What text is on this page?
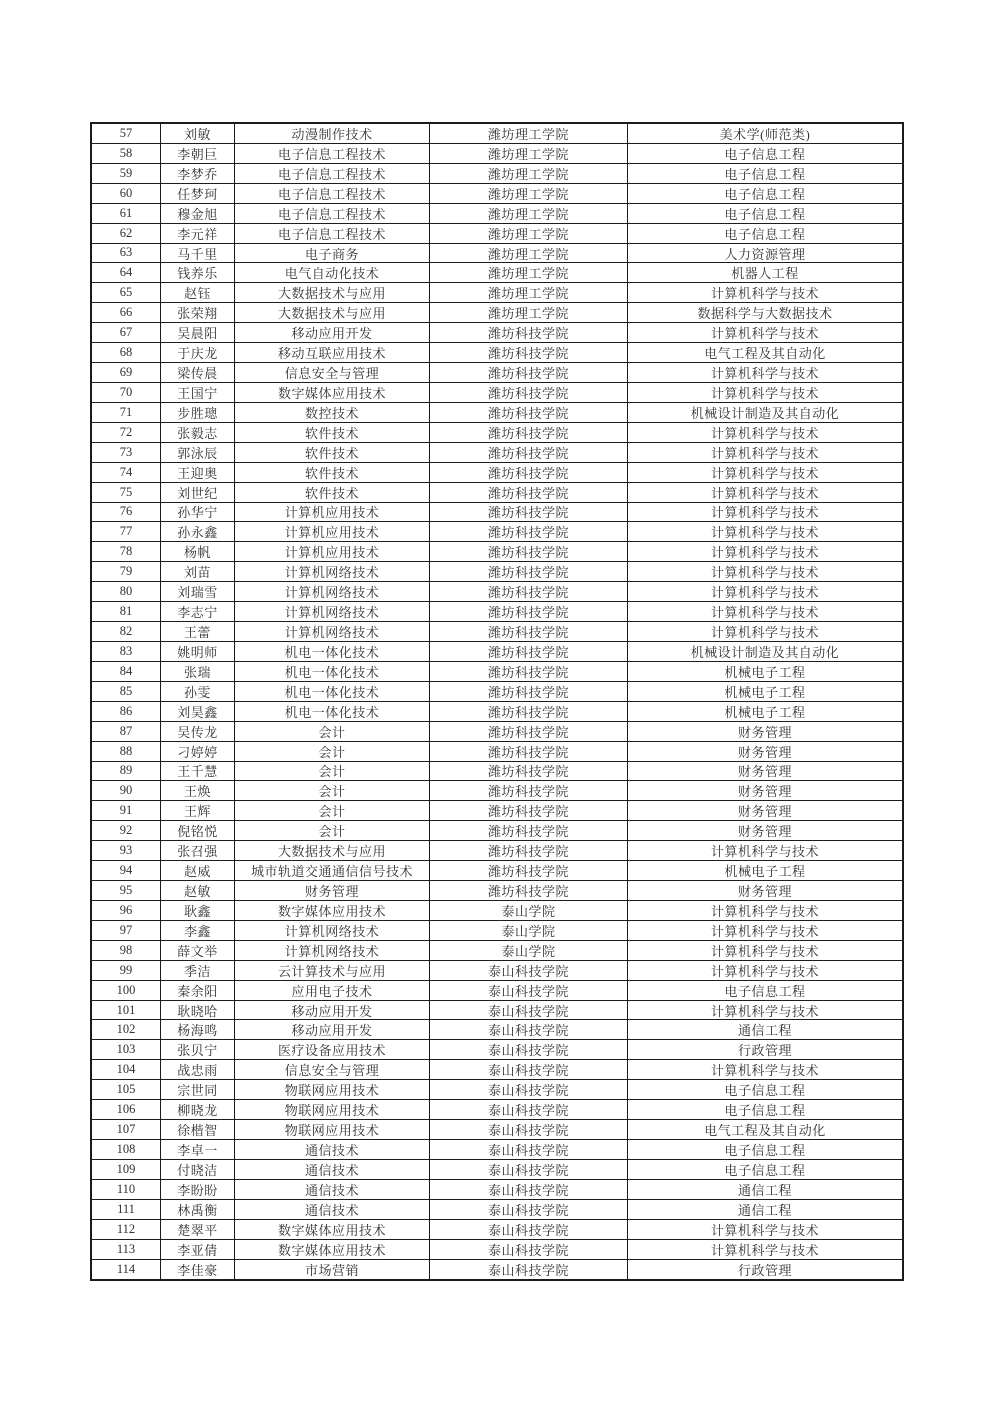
57	刘敏	动漫制作技术	潍坊理工学院	美术学(师范类)
58	李朝巨	电子信息工程技术	潍坊理工学院	电子信息工程
59	李梦乔	电子信息工程技术	潍坊理工学院	电子信息工程
60	任梦珂	电子信息工程技术	潍坊理工学院	电子信息工程
61	穆金旭	电子信息工程技术	潍坊理工学院	电子信息工程
62	李元祥	电子信息工程技术	潍坊理工学院	电子信息工程
63	马千里	电子商务	潍坊理工学院	人力资源管理
64	钱养乐	电气自动化技术	潍坊理工学院	机器人工程
65	赵钰	大数据技术与应用	潍坊理工学院	计算机科学与技术
66	张荣翔	大数据技术与应用	潍坊理工学院	数据科学与大数据技术
67	吴晨阳	移动应用开发	潍坊科技学院	计算机科学与技术
68	于庆龙	移动互联应用技术	潍坊科技学院	电气工程及其自动化
69	梁传晨	信息安全与管理	潍坊科技学院	计算机科学与技术
70	王国宁	数字媒体应用技术	潍坊科技学院	计算机科学与技术
71	步胜璁	数控技术	潍坊科技学院	机械设计制造及其自动化
72	张毅志	软件技术	潍坊科技学院	计算机科学与技术
73	郭泳辰	软件技术	潍坊科技学院	计算机科学与技术
74	王迎奥	软件技术	潍坊科技学院	计算机科学与技术
75	刘世纪	软件技术	潍坊科技学院	计算机科学与技术
76	孙华宁	计算机应用技术	潍坊科技学院	计算机科学与技术
77	孙永鑫	计算机应用技术	潍坊科技学院	计算机科学与技术
78	杨帆	计算机应用技术	潍坊科技学院	计算机科学与技术
79	刘苗	计算机网络技术	潍坊科技学院	计算机科学与技术
80	刘瑞雪	计算机网络技术	潍坊科技学院	计算机科学与技术
81	李志宁	计算机网络技术	潍坊科技学院	计算机科学与技术
82	王蕾	计算机网络技术	潍坊科技学院	计算机科学与技术
83	姚明师	机电一体化技术	潍坊科技学院	机械设计制造及其自动化
84	张瑞	机电一体化技术	潍坊科技学院	机械电子工程
85	孙雯	机电一体化技术	潍坊科技学院	机械电子工程
86	刘昊鑫	机电一体化技术	潍坊科技学院	机械电子工程
87	吴传龙	会计	潍坊科技学院	财务管理
88	刁婷婷	会计	潍坊科技学院	财务管理
89	王千慧	会计	潍坊科技学院	财务管理
90	王焕	会计	潍坊科技学院	财务管理
91	王辉	会计	潍坊科技学院	财务管理
92	倪铭悦	会计	潍坊科技学院	财务管理
93	张召强	大数据技术与应用	潍坊科技学院	计算机科学与技术
94	赵威	城市轨道交通通信信号技术	潍坊科技学院	机械电子工程
95	赵敏	财务管理	潍坊科技学院	财务管理
96	耿鑫	数字媒体应用技术	泰山学院	计算机科学与技术
97	李鑫	计算机网络技术	泰山学院	计算机科学与技术
98	薛文举	计算机网络技术	泰山学院	计算机科学与技术
99	季洁	云计算技术与应用	泰山科技学院	计算机科学与技术
100	秦余阳	应用电子技术	泰山科技学院	电子信息工程
101	耿晓哈	移动应用开发	泰山科技学院	计算机科学与技术
102	杨海鸣	移动应用开发	泰山科技学院	通信工程
103	张贝宁	医疗设备应用技术	泰山科技学院	行政管理
104	战忠雨	信息安全与管理	泰山科技学院	计算机科学与技术
105	宗世同	物联网应用技术	泰山科技学院	电子信息工程
106	柳晓龙	物联网应用技术	泰山科技学院	电子信息工程
107	徐楷智	物联网应用技术	泰山科技学院	电气工程及其自动化
108	李卓一	通信技术	泰山科技学院	电子信息工程
109	付晓洁	通信技术	泰山科技学院	电子信息工程
110	李盼盼	通信技术	泰山科技学院	通信工程
111	林禹衡	通信技术	泰山科技学院	通信工程
112	楚翠平	数字媒体应用技术	泰山科技学院	计算机科学与技术
113	李亚倩	数字媒体应用技术	泰山科技学院	计算机科学与技术
114	李佳豪	市场营销	泰山科技学院	行政管理
